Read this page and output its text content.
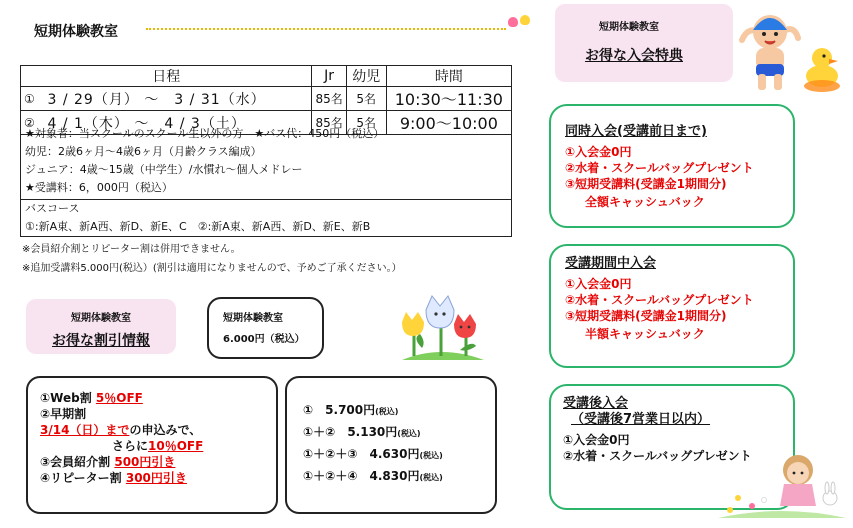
短期体験教室
日程		Jr	幼児	時間
①	3 / 29（月） 〜　3 / 31（水）	85名	5名	10:30〜11:30
②	4 / 1（木） 〜　4 / 3（土）	85名	5名	9:00〜10:00
★対象者：当スクールのスクール生以外の方　★バス代：450円（税込）
幼児：2歳6ヶ月〜4歳6ヶ月（月齢クラス編成）
ジュニア：4歳〜15歳（中学生）/水慣れ〜個人メドレー
★受講料：6，000円（税込）
バスコース
①:新A東、新A西、新D、新E、C　②:新A東、新A西、新D、新E、新B
※会員紹介割とリピーター割は併用できません。
※追加受講料5.000円(税込）(割引は適用になりませんので、予めご了承ください。）
短期体験教室
お得な割引情報
短期体験教室
6.000円（税込）
①Web割 5％OFF
②早期割
3/14（日）までの申込みで、
さらに10％OFF
③会員紹介割 500円引き
④リピーター割 300円引き
①　5.700円(税込)
①＋②　5.130円(税込)
①＋②＋③　4.630円(税込)
①＋②＋④　4.830円(税込)
短期体験教室
お得な入会特典
同時入会(受講前日まで)
①入会金0円
②水着・スクールバッグプレゼント
③短期受講料(受講金1期間分)
全額キャッシュバック
受講期間中入会
①入会金0円
②水着・スクールバッグプレゼント
③短期受講料(受講金1期間分)
半額キャッシュバック
受講後入会
（受講後7営業日以内）
①入会金0円
②水着・スクールバッグプレゼント
